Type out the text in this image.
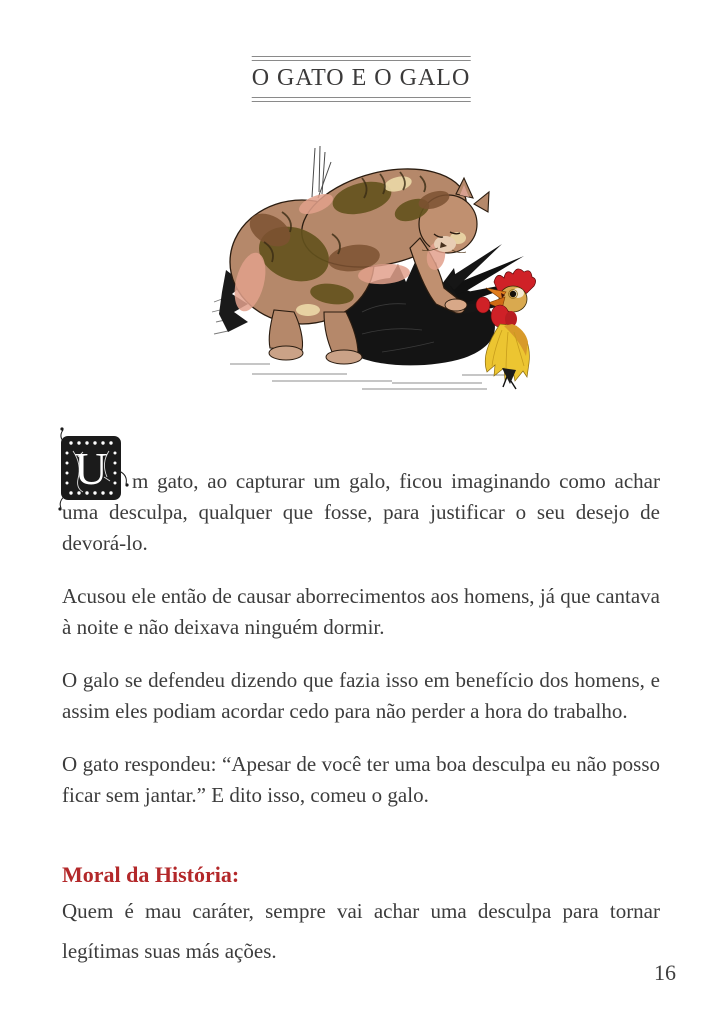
O GATO E O GALO

U m gato, ao capturar um galo, ficou imaginando como achar uma desculpa, qualquer que fosse, para justificar o seu desejo de devorá-lo.

Acusou ele então de causar aborrecimentos aos homens, já que cantava à noite e não deixava ninguém dormir.

O galo se defendeu dizendo que fazia isso em benefício dos homens, e assim eles podiam acordar cedo para não perder a hora do trabalho.

O gato respondeu: “Apesar de você ter uma boa desculpa eu não posso ficar sem jantar.” E dito isso, comeu o galo.

Moral da História:
Quem é mau caráter, sempre vai achar uma desculpa para tornar legítimas suas más ações.
16
